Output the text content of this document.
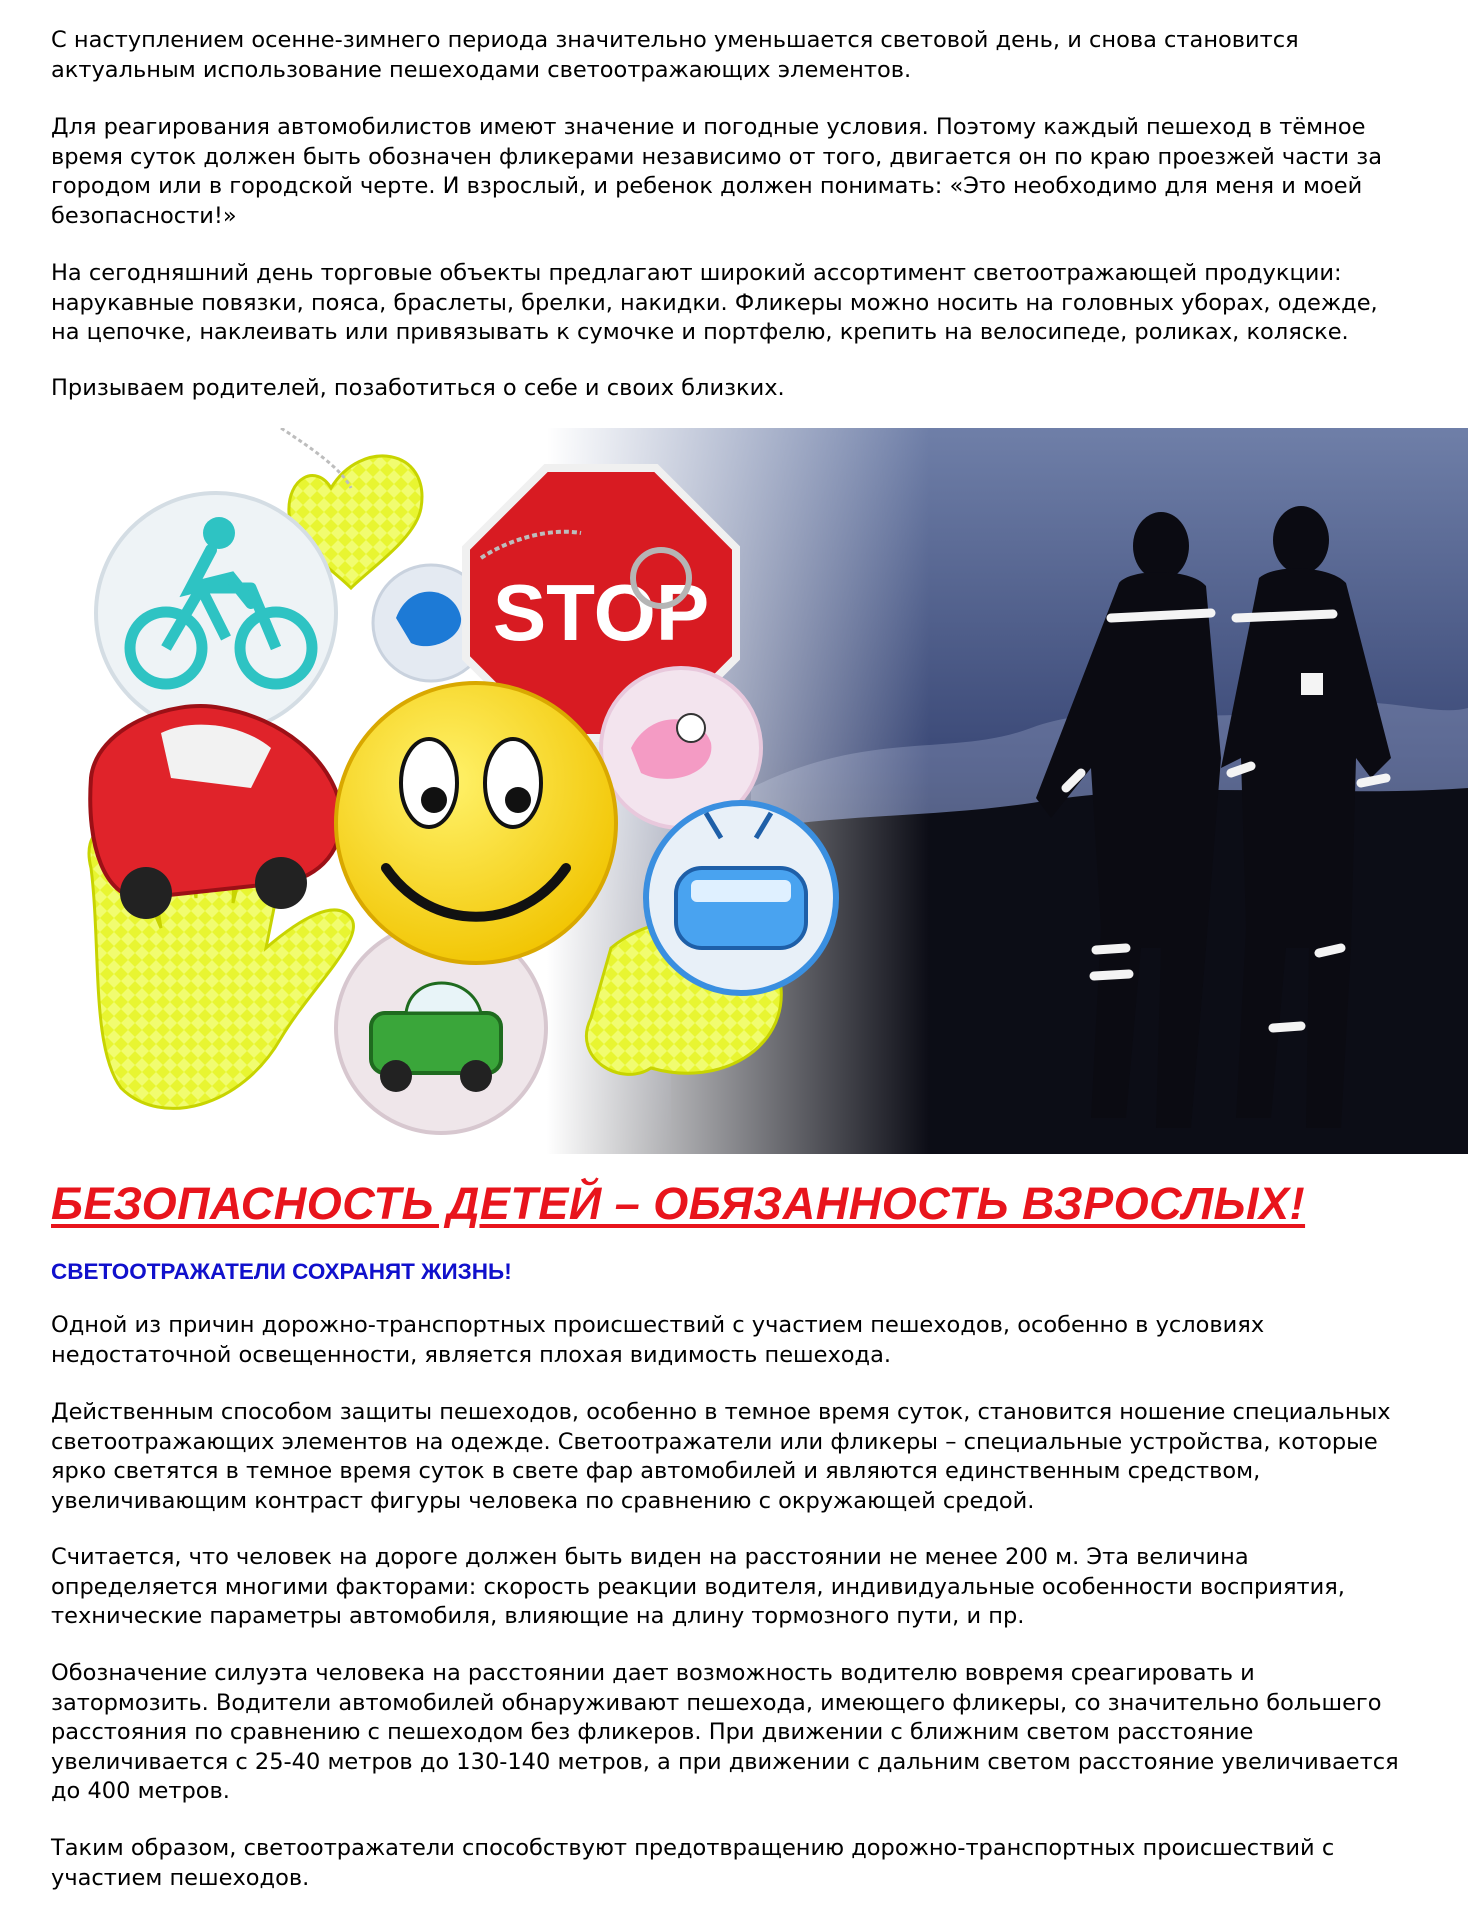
С наступлением осенне-зимнего периода значительно уменьшается световой день, и снова становится актуальным использование пешеходами светоотражающих элементов.

Для реагирования автомобилистов имеют значение и погодные условия. Поэтому каждый пешеход в тёмное время суток должен быть обозначен фликерами независимо от того, двигается он по краю проезжей части за городом или в городской черте. И взрослый, и ребенок должен понимать: «Это необходимо для меня и моей безопасности!»

На сегодняшний день торговые объекты предлагают широкий ассортимент светоотражающей продукции: нарукавные повязки, пояса, браслеты, брелки, накидки. Фликеры можно носить на головных уборах, одежде, на цепочке, наклеивать или привязывать к сумочке и портфелю, крепить на велосипеде, роликах, коляске.

Призываем родителей, позаботиться о себе и своих близких.

STOP
БЕЗОПАСНОСТЬ ДЕТЕЙ – ОБЯЗАННОСТЬ ВЗРОСЛЫХ!
СВЕТООТРАЖАТЕЛИ СОХРАНЯТ ЖИЗНЬ!

Одной из причин дорожно-транспортных происшествий с участием пешеходов, особенно в условиях недостаточной освещенности, является плохая видимость пешехода.

Действенным способом защиты пешеходов, особенно в темное время суток, становится ношение специальных светоотражающих элементов на одежде. Светоотражатели или фликеры – специальные устройства, которые ярко светятся в темное время суток в свете фар автомобилей и являются единственным средством, увеличивающим контраст фигуры человека по сравнению с окружающей средой.

Считается, что человек на дороге должен быть виден на расстоянии не менее 200 м. Эта величина определяется многими факторами: скорость реакции водителя, индивидуальные особенности восприятия, технические параметры автомобиля, влияющие на длину тормозного пути, и пр.

Обозначение силуэта человека на расстоянии дает возможность водителю вовремя среагировать и затормозить. Водители автомобилей обнаруживают пешехода, имеющего фликеры, со значительно большего расстояния по сравнению с пешеходом без фликеров. При движении с ближним светом расстояние увеличивается с 25-40 метров до 130-140 метров, а при движении с дальним светом расстояние увеличивается до 400 метров.

Таким образом, светоотражатели способствуют предотвращению дорожно-транспортных происшествий с участием пешеходов.
